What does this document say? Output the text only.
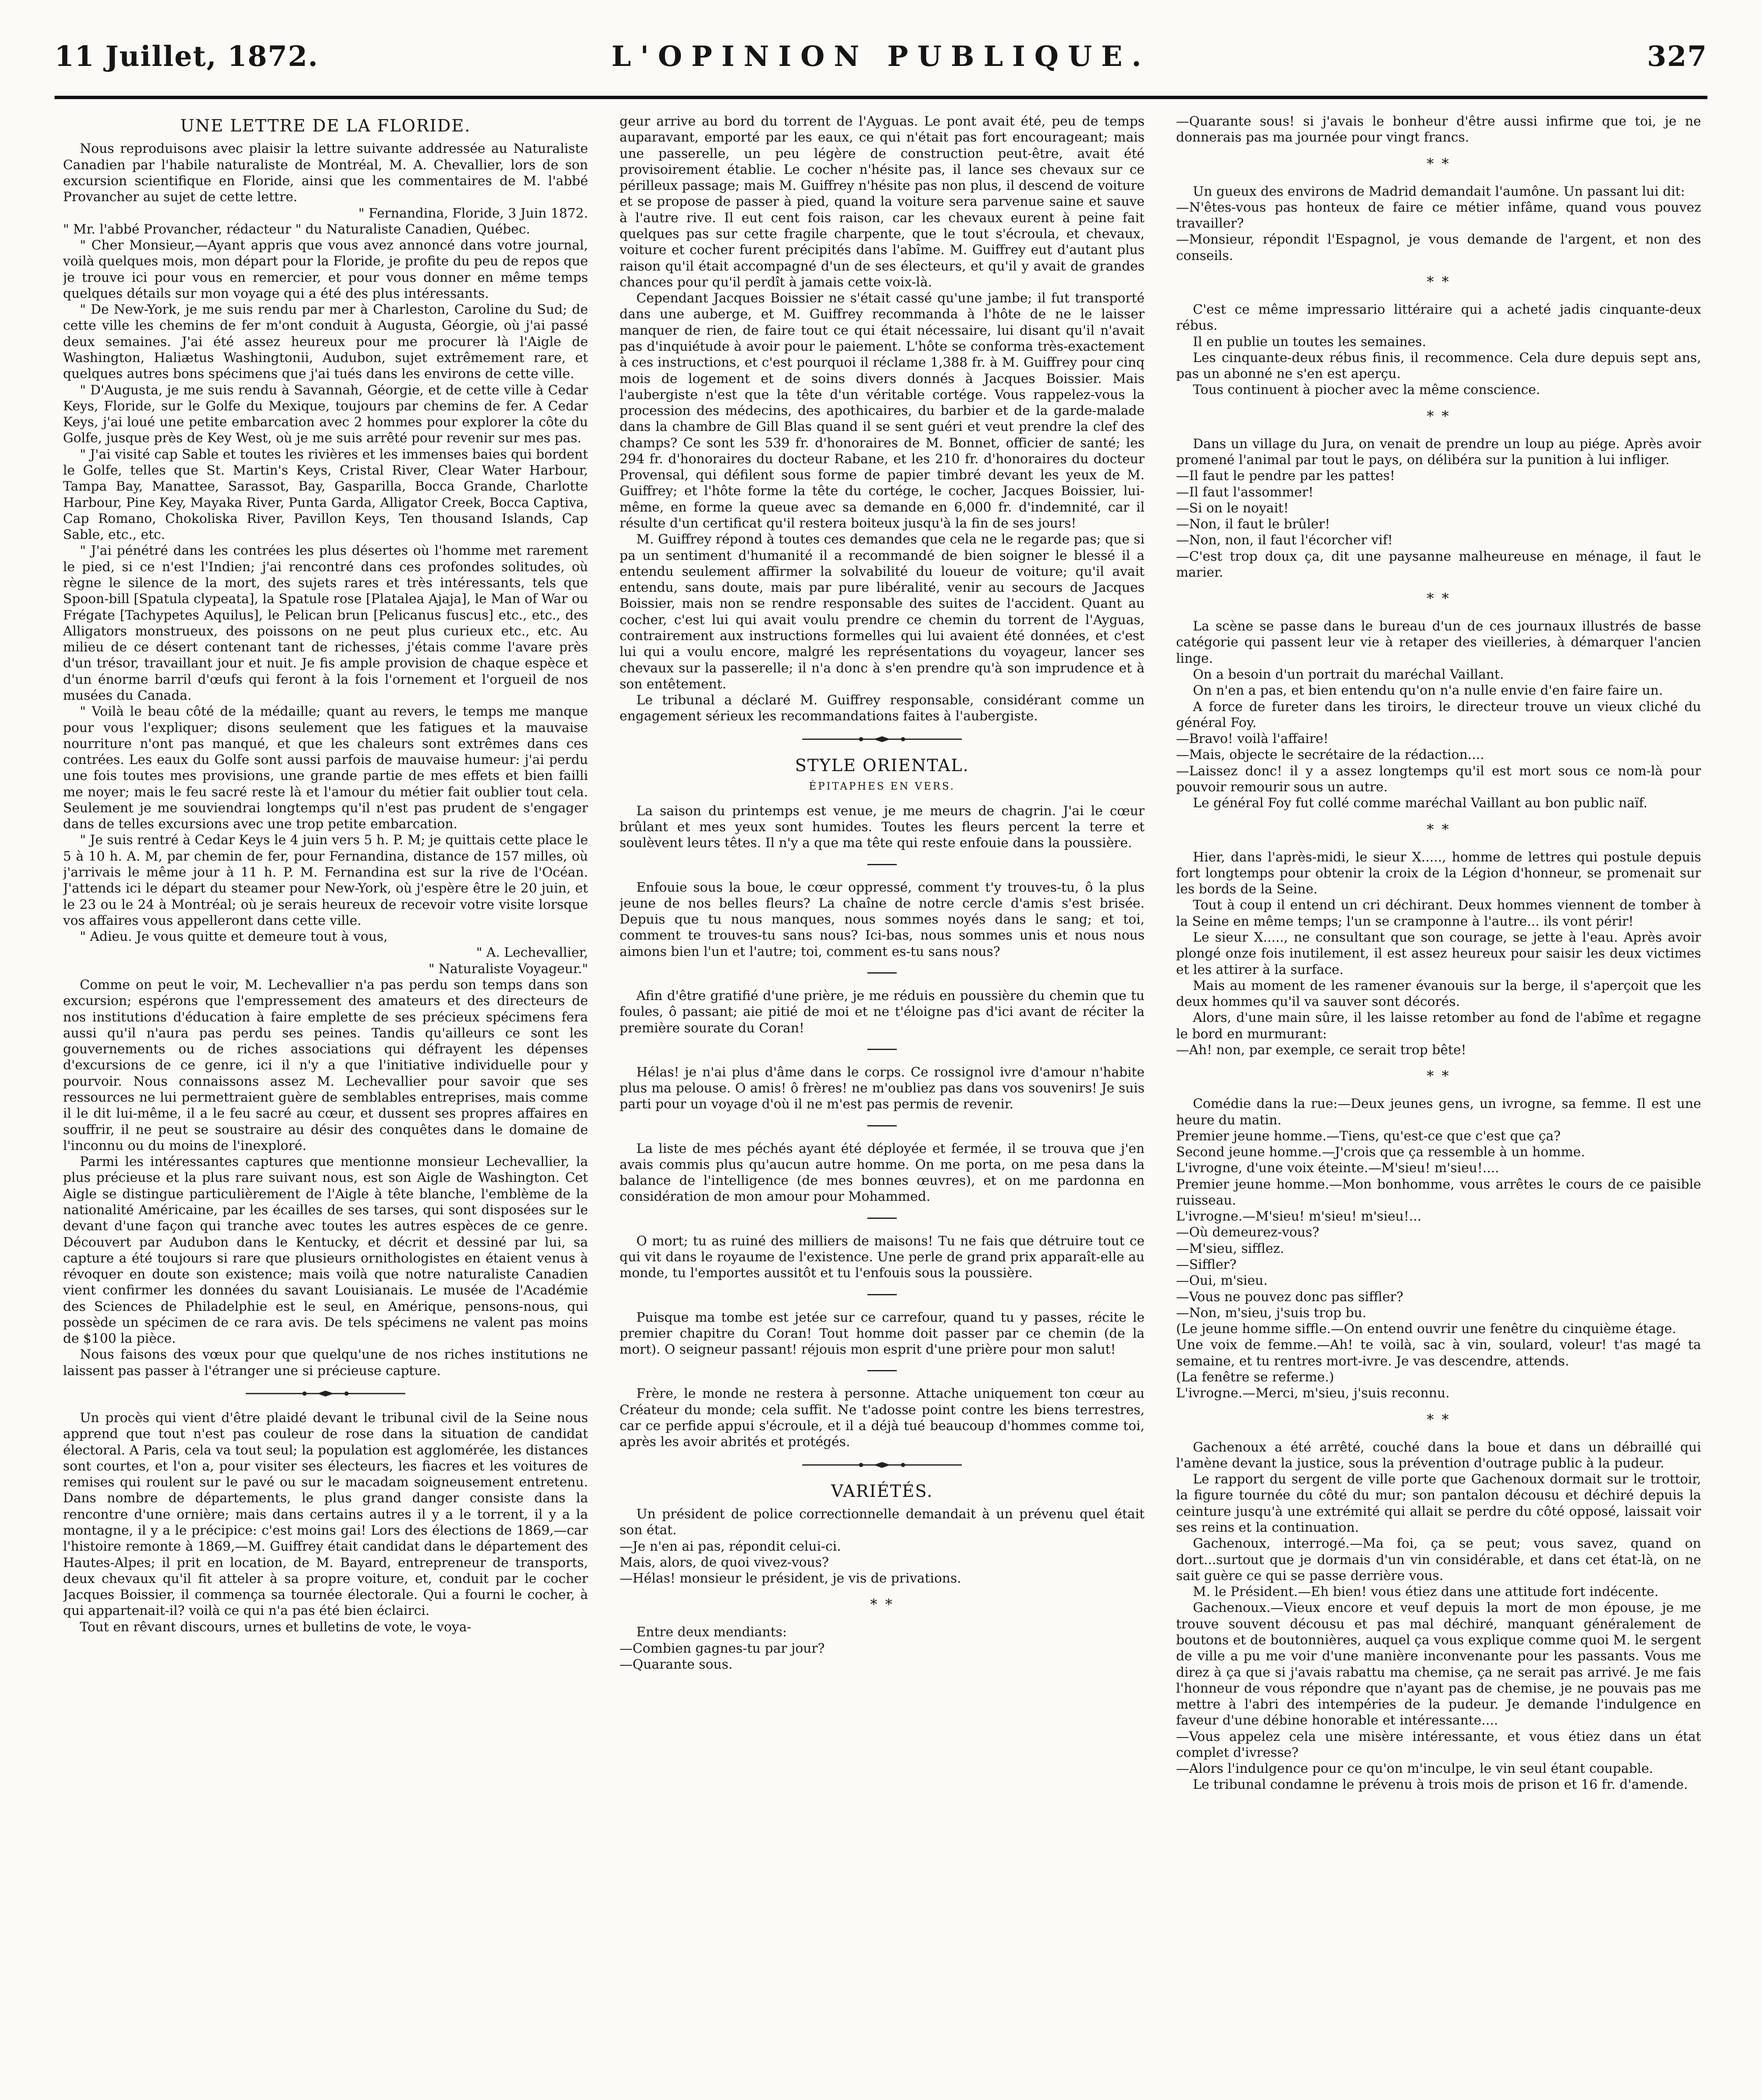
L'OPINION PUBLIQUE.
11 Juillet, 1872.	327
UNE LETTRE DE LA FLORIDE.

Nous reproduisons avec plaisir la lettre suivante addressée au Naturaliste Canadien par l'habile naturaliste de Montréal, M. A. Chevallier, lors de son excursion scientifique en Floride, ainsi que les commentaires de M. l'abbé Provancher au sujet de cette lettre.

" Fernandina, Floride, 3 Juin 1872.

" Mr. l'abbé Provancher, rédacteur " du Naturaliste Canadien, Québec.

" Cher Monsieur,—Ayant appris que vous avez annoncé dans votre journal, voilà quelques mois, mon départ pour la Floride, je profite du peu de repos que je trouve ici pour vous en remercier, et pour vous donner en même temps quelques détails sur mon voyage qui a été des plus intéressants.

" De New-York, je me suis rendu par mer à Charleston, Caroline du Sud; de cette ville les chemins de fer m'ont conduit à Augusta, Géorgie, où j'ai passé deux semaines. J'ai été assez heureux pour me procurer là l'Aigle de Washington, Haliætus Washingtonii, Audubon, sujet extrêmement rare, et quelques autres bons spécimens que j'ai tués dans les environs de cette ville.

" D'Augusta, je me suis rendu à Savannah, Géorgie, et de cette ville à Cedar Keys, Floride, sur le Golfe du Mexique, toujours par chemins de fer. A Cedar Keys, j'ai loué une petite embarcation avec 2 hommes pour explorer la côte du Golfe, jusque près de Key West, où je me suis arrêté pour revenir sur mes pas.

" J'ai visité cap Sable et toutes les rivières et les immenses baies qui bordent le Golfe, telles que St. Martin's Keys, Cristal River, Clear Water Harbour, Tampa Bay, Manattee, Sarassot, Bay, Gasparilla, Bocca Grande, Charlotte Harbour, Pine Key, Mayaka River, Punta Garda, Alligator Creek, Bocca Captiva, Cap Romano, Chokoliska River, Pavillon Keys, Ten thousand Islands, Cap Sable, etc., etc.

" J'ai pénétré dans les contrées les plus désertes où l'homme met rarement le pied, si ce n'est l'Indien; j'ai rencontré dans ces profondes solitudes, où règne le silence de la mort, des sujets rares et très intéressants, tels que Spoon-bill [Spatula clypeata], la Spatule rose [Platalea Ajaja], le Man of War ou Frégate [Tachypetes Aquilus], le Pelican brun [Pelicanus fuscus] etc., etc., des Alligators monstrueux, des poissons on ne peut plus curieux etc., etc. Au milieu de ce désert contenant tant de richesses, j'étais comme l'avare près d'un trésor, travaillant jour et nuit. Je fis ample provision de chaque espèce et d'un énorme barril d'œufs qui feront à la fois l'ornement et l'orgueil de nos musées du Canada.

" Voilà le beau côté de la médaille; quant au revers, le temps me manque pour vous l'expliquer; disons seulement que les fatigues et la mauvaise nourriture n'ont pas manqué, et que les chaleurs sont extrêmes dans ces contrées. Les eaux du Golfe sont aussi parfois de mauvaise humeur: j'ai perdu une fois toutes mes provisions, une grande partie de mes effets et bien failli me noyer; mais le feu sacré reste là et l'amour du métier fait oublier tout cela. Seulement je me souviendrai longtemps qu'il n'est pas prudent de s'engager dans de telles excursions avec une trop petite embarcation.

" Je suis rentré à Cedar Keys le 4 juin vers 5 h. P. M; je quittais cette place le 5 à 10 h. A. M, par chemin de fer, pour Fernandina, distance de 157 milles, où j'arrivais le même jour à 11 h. P. M. Fernandina est sur la rive de l'Océan. J'attends ici le départ du steamer pour New-York, où j'espère être le 20 juin, et le 23 ou le 24 à Montréal; où je serais heureux de recevoir votre visite lorsque vos affaires vous appelleront dans cette ville.

" Adieu. Je vous quitte et demeure tout à vous,

" A. Lechevallier,

" Naturaliste Voyageur."

Comme on peut le voir, M. Lechevallier n'a pas perdu son temps dans son excursion; espérons que l'empressement des amateurs et des directeurs de nos institutions d'éducation à faire emplette de ses précieux spécimens fera aussi qu'il n'aura pas perdu ses peines. Tandis qu'ailleurs ce sont les gouvernements ou de riches associations qui défrayent les dépenses d'excursions de ce genre, ici il n'y a que l'initiative individuelle pour y pourvoir. Nous connaissons assez M. Lechevallier pour savoir que ses ressources ne lui permettraient guère de semblables entreprises, mais comme il le dit lui-même, il a le feu sacré au cœur, et dussent ses propres affaires en souffrir, il ne peut se soustraire au désir des conquêtes dans le domaine de l'inconnu ou du moins de l'inexploré.

Parmi les intéressantes captures que mentionne monsieur Lechevallier, la plus précieuse et la plus rare suivant nous, est son Aigle de Washington. Cet Aigle se distingue particulièrement de l'Aigle à tête blanche, l'emblème de la nationalité Américaine, par les écailles de ses tarses, qui sont disposées sur le devant d'une façon qui tranche avec toutes les autres espèces de ce genre. Découvert par Audubon dans le Kentucky, et décrit et dessiné par lui, sa capture a été toujours si rare que plusieurs ornithologistes en étaient venus à révoquer en doute son existence; mais voilà que notre naturaliste Canadien vient confirmer les données du savant Louisianais. Le musée de l'Académie des Sciences de Philadelphie est le seul, en Amérique, pensons-nous, qui possède un spécimen de ce rara avis. De tels spécimens ne valent pas moins de $100 la pièce.

Nous faisons des vœux pour que quelqu'une de nos riches institutions ne laissent pas passer à l'étranger une si précieuse capture.

Un procès qui vient d'être plaidé devant le tribunal civil de la Seine nous apprend que tout n'est pas couleur de rose dans la situation de candidat électoral. A Paris, cela va tout seul; la population est agglomérée, les distances sont courtes, et l'on a, pour visiter ses électeurs, les fiacres et les voitures de remises qui roulent sur le pavé ou sur le macadam soigneusement entretenu. Dans nombre de départements, le plus grand danger consiste dans la rencontre d'une ornière; mais dans certains autres il y a le torrent, il y a la montagne, il y a le précipice: c'est moins gai! Lors des élections de 1869,—car l'histoire remonte à 1869,—M. Guiffrey était candidat dans le département des Hautes-Alpes; il prit en location, de M. Bayard, entrepreneur de transports, deux chevaux qu'il fit atteler à sa propre voiture, et, conduit par le cocher Jacques Boissier, il commença sa tournée électorale. Qui a fourni le cocher, à qui appartenait-il? voilà ce qui n'a pas été bien éclairci.

Tout en rêvant discours, urnes et bulletins de vote, le voya-

geur arrive au bord du torrent de l'Ayguas. Le pont avait été, peu de temps auparavant, emporté par les eaux, ce qui n'était pas fort encourageant; mais une passerelle, un peu légère de construction peut-être, avait été provisoirement établie. Le cocher n'hésite pas, il lance ses chevaux sur ce périlleux passage; mais M. Guiffrey n'hésite pas non plus, il descend de voiture et se propose de passer à pied, quand la voiture sera parvenue saine et sauve à l'autre rive. Il eut cent fois raison, car les chevaux eurent à peine fait quelques pas sur cette fragile charpente, que le tout s'écroula, et chevaux, voiture et cocher furent précipités dans l'abîme. M. Guiffrey eut d'autant plus raison qu'il était accompagné d'un de ses électeurs, et qu'il y avait de grandes chances pour qu'il perdît à jamais cette voix-là.

Cependant Jacques Boissier ne s'était cassé qu'une jambe; il fut transporté dans une auberge, et M. Guiffrey recommanda à l'hôte de ne le laisser manquer de rien, de faire tout ce qui était nécessaire, lui disant qu'il n'avait pas d'inquiétude à avoir pour le paiement. L'hôte se conforma très-exactement à ces instructions, et c'est pourquoi il réclame 1,388 fr. à M. Guiffrey pour cinq mois de logement et de soins divers donnés à Jacques Boissier. Mais l'aubergiste n'est que la tête d'un véritable cortége. Vous rappelez-vous la procession des médecins, des apothicaires, du barbier et de la garde-malade dans la chambre de Gill Blas quand il se sent guéri et veut prendre la clef des champs? Ce sont les 539 fr. d'honoraires de M. Bonnet, officier de santé; les 294 fr. d'honoraires du docteur Rabane, et les 210 fr. d'honoraires du docteur Provensal, qui défilent sous forme de papier timbré devant les yeux de M. Guiffrey; et l'hôte forme la tête du cortége, le cocher, Jacques Boissier, lui-même, en forme la queue avec sa demande en 6,000 fr. d'indemnité, car il résulte d'un certificat qu'il restera boiteux jusqu'à la fin de ses jours!

M. Guiffrey répond à toutes ces demandes que cela ne le regarde pas; que si pa un sentiment d'humanité il a recommandé de bien soigner le blessé il a entendu seulement affirmer la solvabilité du loueur de voiture; qu'il avait entendu, sans doute, mais par pure libéralité, venir au secours de Jacques Boissier, mais non se rendre responsable des suites de l'accident. Quant au cocher, c'est lui qui avait voulu prendre ce chemin du torrent de l'Ayguas, contrairement aux instructions formelles qui lui avaient été données, et c'est lui qui a voulu encore, malgré les représentations du voyageur, lancer ses chevaux sur la passerelle; il n'a donc à s'en prendre qu'à son imprudence et à son entêtement.

Le tribunal a déclaré M. Guiffrey responsable, considérant comme un engagement sérieux les recommandations faites à l'aubergiste.

STYLE ORIENTAL.
ÉPITAPHES EN VERS.

La saison du printemps est venue, je me meurs de chagrin. J'ai le cœur brûlant et mes yeux sont humides. Toutes les fleurs percent la terre et soulèvent leurs têtes. Il n'y a que ma tête qui reste enfouie dans la poussière.

Enfouie sous la boue, le cœur oppressé, comment t'y trouves-tu, ô la plus jeune de nos belles fleurs? La chaîne de notre cercle d'amis s'est brisée. Depuis que tu nous manques, nous sommes noyés dans le sang; et toi, comment te trouves-tu sans nous? Ici-bas, nous sommes unis et nous nous aimons bien l'un et l'autre; toi, comment es-tu sans nous?

Afin d'être gratifié d'une prière, je me réduis en poussière du chemin que tu foules, ô passant; aie pitié de moi et ne t'éloigne pas d'ici avant de réciter la première sourate du Coran!

Hélas! je n'ai plus d'âme dans le corps. Ce rossignol ivre d'amour n'habite plus ma pelouse. O amis! ô frères! ne m'oubliez pas dans vos souvenirs! Je suis parti pour un voyage d'où il ne m'est pas permis de revenir.

La liste de mes péchés ayant été déployée et fermée, il se trouva que j'en avais commis plus qu'aucun autre homme. On me porta, on me pesa dans la balance de l'intelligence (de mes bonnes œuvres), et on me pardonna en considération de mon amour pour Mohammed.

O mort; tu as ruiné des milliers de maisons! Tu ne fais que détruire tout ce qui vit dans le royaume de l'existence. Une perle de grand prix apparaît-elle au monde, tu l'emportes aussitôt et tu l'enfouis sous la poussière.

Puisque ma tombe est jetée sur ce carrefour, quand tu y passes, récite le premier chapitre du Coran! Tout homme doit passer par ce chemin (de la mort). O seigneur passant! réjouis mon esprit d'une prière pour mon salut!

Frère, le monde ne restera à personne. Attache uniquement ton cœur au Créateur du monde; cela suffit. Ne t'adosse point contre les biens terrestres, car ce perfide appui s'écroule, et il a déjà tué beaucoup d'hommes comme toi, après les avoir abrités et protégés.

VARIÉTÉS.

Un président de police correctionnelle demandait à un prévenu quel était son état.

—Je n'en ai pas, répondit celui-ci.

Mais, alors, de quoi vivez-vous?

—Hélas! monsieur le président, je vis de privations.

* *

Entre deux mendiants:

—Combien gagnes-tu par jour?

—Quarante sous.

—Quarante sous! si j'avais le bonheur d'être aussi infirme que toi, je ne donnerais pas ma journée pour vingt francs.

* *

Un gueux des environs de Madrid demandait l'aumône. Un passant lui dit:

—N'êtes-vous pas honteux de faire ce métier infâme, quand vous pouvez travailler?

—Monsieur, répondit l'Espagnol, je vous demande de l'argent, et non des conseils.

* *

C'est ce même impressario littéraire qui a acheté jadis cinquante-deux rébus.

Il en publie un toutes les semaines.

Les cinquante-deux rébus finis, il recommence. Cela dure depuis sept ans, pas un abonné ne s'en est aperçu.

Tous continuent à piocher avec la même conscience.

* *

Dans un village du Jura, on venait de prendre un loup au piége. Après avoir promené l'animal par tout le pays, on délibéra sur la punition à lui infliger.

—Il faut le pendre par les pattes!

—Il faut l'assommer!

—Si on le noyait!

—Non, il faut le brûler!

—Non, non, il faut l'écorcher vif!

—C'est trop doux ça, dit une paysanne malheureuse en ménage, il faut le marier.

* *

La scène se passe dans le bureau d'un de ces journaux illustrés de basse catégorie qui passent leur vie à retaper des vieilleries, à démarquer l'ancien linge.

On a besoin d'un portrait du maréchal Vaillant.

On n'en a pas, et bien entendu qu'on n'a nulle envie d'en faire faire un.

A force de fureter dans les tiroirs, le directeur trouve un vieux cliché du général Foy.

—Bravo! voilà l'affaire!

—Mais, objecte le secrétaire de la rédaction....

—Laissez donc! il y a assez longtemps qu'il est mort sous ce nom-là pour pouvoir remourir sous un autre.

Le général Foy fut collé comme maréchal Vaillant au bon public naïf.

* *

Hier, dans l'après-midi, le sieur X....., homme de lettres qui postule depuis fort longtemps pour obtenir la croix de la Légion d'honneur, se promenait sur les bords de la Seine.

Tout à coup il entend un cri déchirant. Deux hommes viennent de tomber à la Seine en même temps; l'un se cramponne à l'autre... ils vont périr!

Le sieur X....., ne consultant que son courage, se jette à l'eau. Après avoir plongé onze fois inutilement, il est assez heureux pour saisir les deux victimes et les attirer à la surface.

Mais au moment de les ramener évanouis sur la berge, il s'aperçoit que les deux hommes qu'il va sauver sont décorés.

Alors, d'une main sûre, il les laisse retomber au fond de l'abîme et regagne le bord en murmurant:

—Ah! non, par exemple, ce serait trop bête!

* *

Comédie dans la rue:—Deux jeunes gens, un ivrogne, sa femme. Il est une heure du matin.

Premier jeune homme.—Tiens, qu'est-ce que c'est que ça?

Second jeune homme.—J'crois que ça ressemble à un homme.

L'ivrogne, d'une voix éteinte.—M'sieu! m'sieu!....

Premier jeune homme.—Mon bonhomme, vous arrêtes le cours de ce paisible ruisseau.

L'ivrogne.—M'sieu! m'sieu! m'sieu!...

—Où demeurez-vous?

—M'sieu, sifflez.

—Siffler?

—Oui, m'sieu.

—Vous ne pouvez donc pas siffler?

—Non, m'sieu, j'suis trop bu.

(Le jeune homme siffle.—On entend ouvrir une fenêtre du cinquième étage.

Une voix de femme.—Ah! te voilà, sac à vin, soulard, voleur! t'as magé ta semaine, et tu rentres mort-ivre. Je vas descendre, attends.

(La fenêtre se referme.)

L'ivrogne.—Merci, m'sieu, j'suis reconnu.

* *

Gachenoux a été arrêté, couché dans la boue et dans un débraillé qui l'amène devant la justice, sous la prévention d'outrage public à la pudeur.

Le rapport du sergent de ville porte que Gachenoux dormait sur le trottoir, la figure tournée du côté du mur; son pantalon décousu et déchiré depuis la ceinture jusqu'à une extrémité qui allait se perdre du côté opposé, laissait voir ses reins et la continuation.

Gachenoux, interrogé.—Ma foi, ça se peut; vous savez, quand on dort...surtout que je dormais d'un vin considérable, et dans cet état-là, on ne sait guère ce qui se passe derrière vous.

M. le Président.—Eh bien! vous étiez dans une attitude fort indécente.

Gachenoux.—Vieux encore et veuf depuis la mort de mon épouse, je me trouve souvent décousu et pas mal déchiré, manquant généralement de boutons et de boutonnières, auquel ça vous explique comme quoi M. le sergent de ville a pu me voir d'une manière inconvenante pour les passants. Vous me direz à ça que si j'avais rabattu ma chemise, ça ne serait pas arrivé. Je me fais l'honneur de vous répondre que n'ayant pas de chemise, je ne pouvais pas me mettre à l'abri des intempéries de la pudeur. Je demande l'indulgence en faveur d'une débine honorable et intéressante....

—Vous appelez cela une misère intéressante, et vous étiez dans un état complet d'ivresse?

—Alors l'indulgence pour ce qu'on m'inculpe, le vin seul étant coupable.

Le tribunal condamne le prévenu à trois mois de prison et 16 fr. d'amende.
